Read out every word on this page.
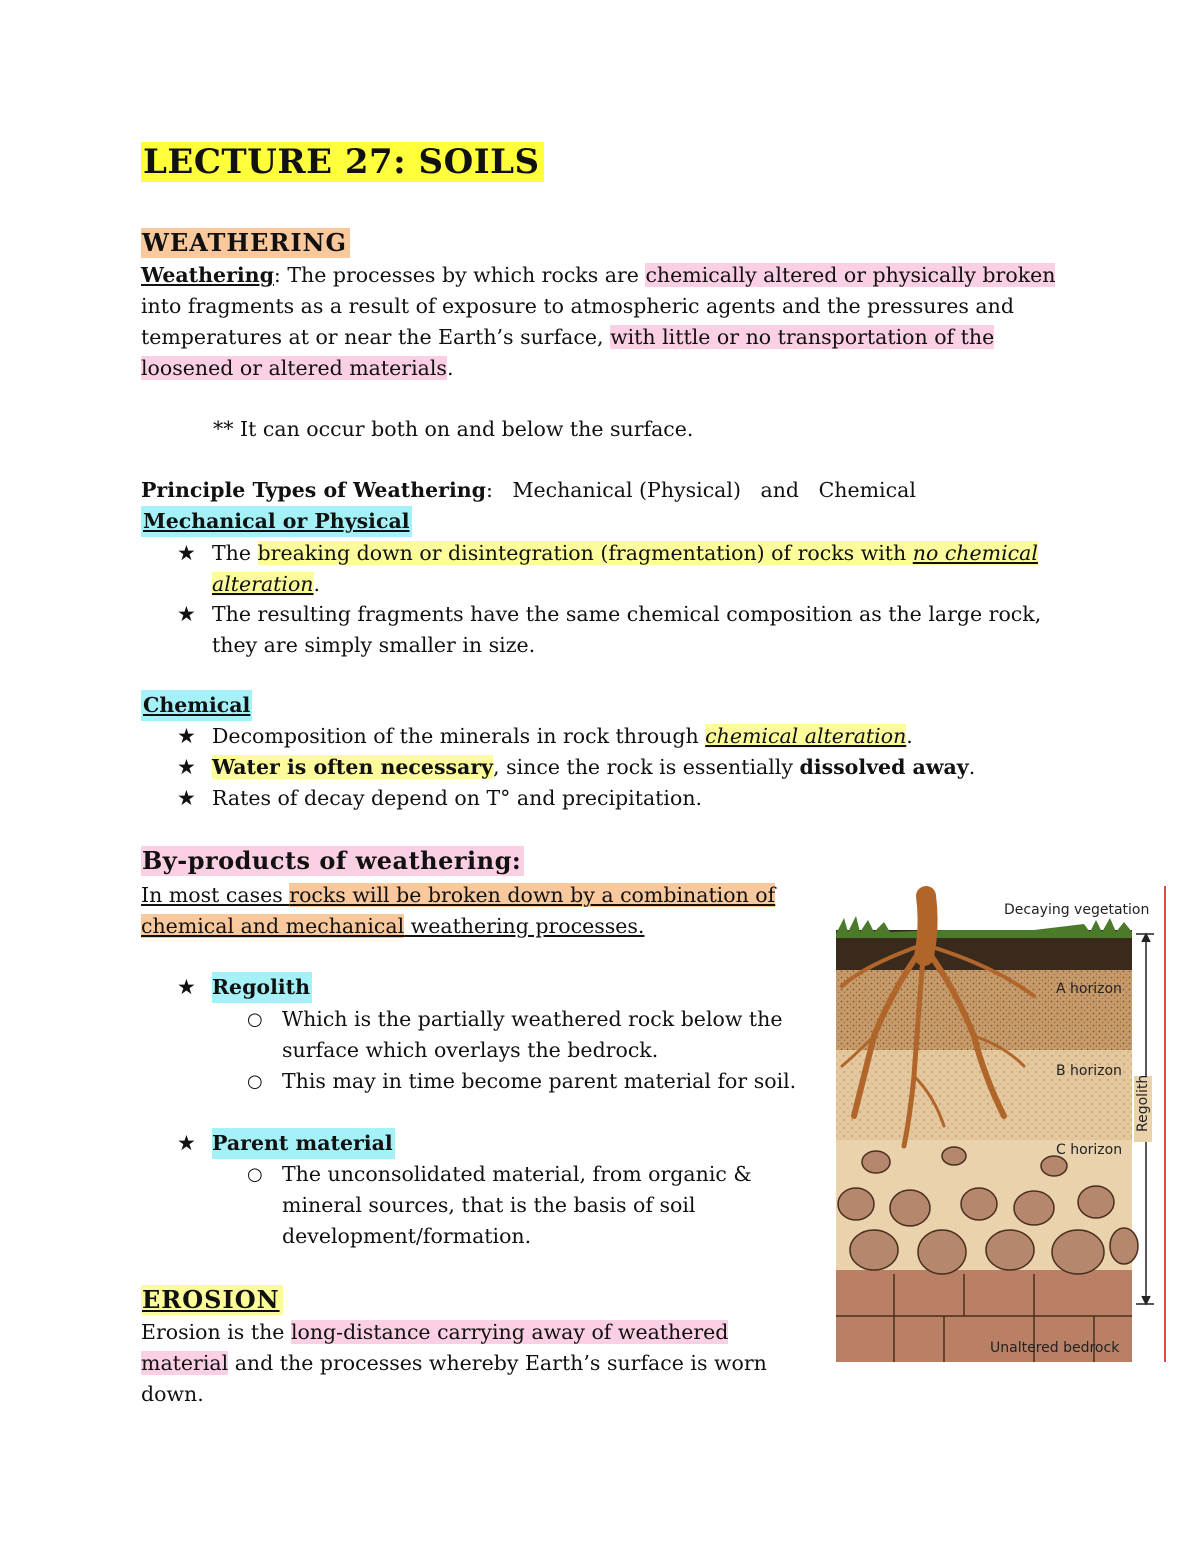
LECTURE 27: SOILS
WEATHERING

Weathering: The processes by which rocks are chemically altered or physically broken
into fragments as a result of exposure to atmospheric agents and the pressures and
temperatures at or near the Earth’s surface, with little or no transportation of the
loosened or altered materials.

** It can occur both on and below the surface.
Principle Types of Weathering: Mechanical (Physical)   and   Chemical
Mechanical or Physical
★ The breaking down or disintegration (fragmentation) of rocks with no chemical
alteration.
★ The resulting fragments have the same chemical composition as the large rock,
they are simply smaller in size.
Chemical
★ Decomposition of the minerals in rock through chemical alteration.
★ Water is often necessary, since the rock is essentially dissolved away.
★ Rates of decay depend on T° and precipitation.
By-products of weathering:
In most cases rocks will be broken down by a combination of
chemical and mechanical weathering processes.
★ Regolith
○ Which is the partially weathered rock below the
surface which overlays the bedrock.
○ This may in time become parent material for soil.
★ Parent material
○ The unconsolidated material, from organic &
mineral sources, that is the basis of soil
development/formation.
EROSION
Erosion is the long-distance carrying away of weathered
material and the processes whereby Earth’s surface is worn
down.
Decaying vegetation
A horizon
B horizon
C horizon
Regolith
Unaltered bedrock
